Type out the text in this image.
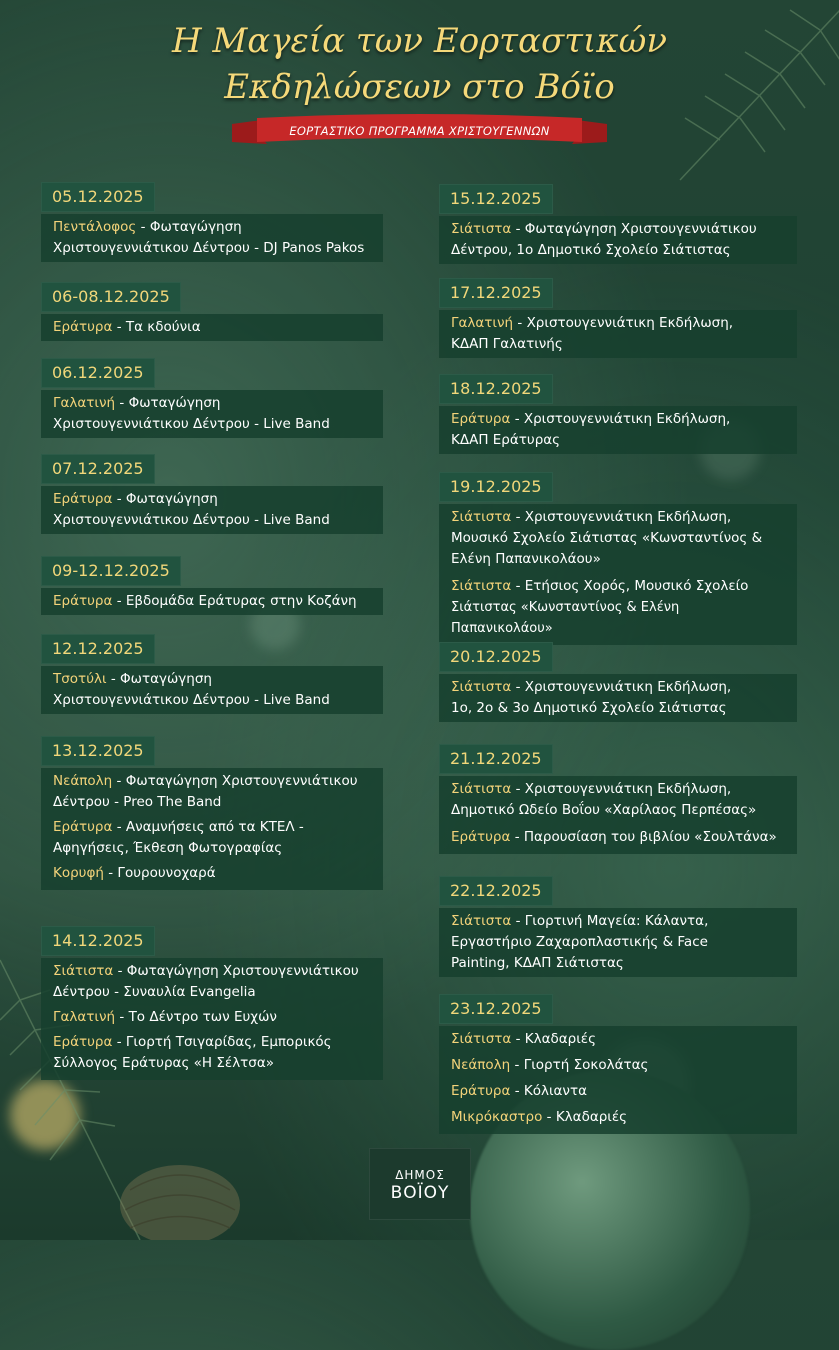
Η Μαγεία των Εορταστικών
Εκδηλώσεων στο Βόϊο
ΕΟΡΤΑΣΤΙΚΟ ΠΡΟΓΡΑΜΜΑ ΧΡΙΣΤΟΥΓΕΝΝΩΝ
05.12.2025
Πεντάλοφος - Φωταγώγηση
Χριστουγεννιάτικου Δέντρου - DJ Panos Pakos
06-08.12.2025
Εράτυρα - Τα κδούνια
06.12.2025
Γαλατινή - Φωταγώγηση
Χριστουγεννιάτικου Δέντρου - Live Band
07.12.2025
Εράτυρα - Φωταγώγηση
Χριστουγεννιάτικου Δέντρου - Live Band
09-12.12.2025
Εράτυρα - Εβδομάδα Εράτυρας στην Κοζάνη
12.12.2025
Τσοτύλι - Φωταγώγηση
Χριστουγεννιάτικου Δέντρου - Live Band
13.12.2025
Νεάπολη - Φωταγώγηση Χριστουγεννιάτικου
Δέντρου - Preo The Band
Εράτυρα - Αναμνήσεις από τα ΚΤΕΛ -
Αφηγήσεις, Έκθεση Φωτογραφίας
Κορυφή - Γουρουνοχαρά
14.12.2025
Σιάτιστα - Φωταγώγηση Χριστουγεννιάτικου
Δέντρου - Συναυλία Evangelia
Γαλατινή - Το Δέντρο των Ευχών
Εράτυρα - Γιορτή Τσιγαρίδας, Εμπορικός
Σύλλογος Εράτυρας «Η Σέλτσα»
15.12.2025
Σιάτιστα - Φωταγώγηση Χριστουγεννιάτικου
Δέντρου, 1ο Δημοτικό Σχολείο Σιάτιστας
17.12.2025
Γαλατινή - Χριστουγεννιάτικη Εκδήλωση,
ΚΔΑΠ Γαλατινής
18.12.2025
Εράτυρα - Χριστουγεννιάτικη Εκδήλωση,
ΚΔΑΠ Εράτυρας
19.12.2025
Σιάτιστα - Χριστουγεννιάτικη Εκδήλωση,
Μουσικό Σχολείο Σιάτιστας «Κωνσταντίνος &
Ελένη Παπανικολάου»
Σιάτιστα - Ετήσιος Χορός, Μουσικό Σχολείο
Σιάτιστας «Κωνσταντίνος & Ελένη Παπανικολάου»
20.12.2025
Σιάτιστα - Χριστουγεννιάτικη Εκδήλωση,
1ο, 2ο & 3ο Δημοτικό Σχολείο Σιάτιστας
21.12.2025
Σιάτιστα - Χριστουγεννιάτικη Εκδήλωση,
Δημοτικό Ωδείο Βοΐου «Χαρίλαος Περπέσας»
Εράτυρα - Παρουσίαση του βιβλίου «Σουλτάνα»
22.12.2025
Σιάτιστα - Γιορτινή Μαγεία: Κάλαντα,
Εργαστήριο Ζαχαροπλαστικής & Face
Painting, ΚΔΑΠ Σιάτιστας
23.12.2025
Σιάτιστα - Κλαδαριές
Νεάπολη - Γιορτή Σοκολάτας
Εράτυρα - Κόλιαντα
Μικρόκαστρο - Κλαδαριές
ΔΗΜΟΣ
ΒΟΪΟΥ
